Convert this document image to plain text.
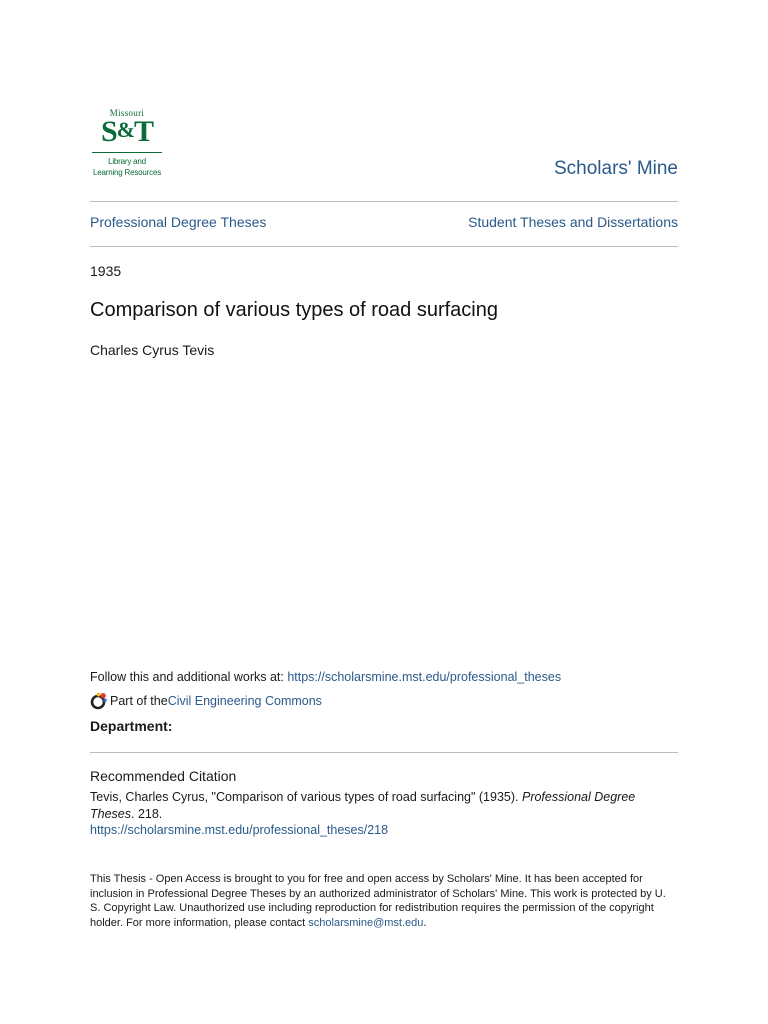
Missouri
S&T
Library and
Learning Resources	Scholars' Mine
Professional Degree Theses	Student Theses and Dissertations
1935
Comparison of various types of road surfacing
Charles Cyrus Tevis
Follow this and additional works at: https://scholarsmine.mst.edu/professional_theses
Part of the Civil Engineering Commons
Department:
Recommended Citation
Tevis, Charles Cyrus, "Comparison of various types of road surfacing" (1935). Professional Degree Theses. 218.
https://scholarsmine.mst.edu/professional_theses/218
This Thesis - Open Access is brought to you for free and open access by Scholars' Mine. It has been accepted for inclusion in Professional Degree Theses by an authorized administrator of Scholars' Mine. This work is protected by U. S. Copyright Law. Unauthorized use including reproduction for redistribution requires the permission of the copyright holder. For more information, please contact scholarsmine@mst.edu.
